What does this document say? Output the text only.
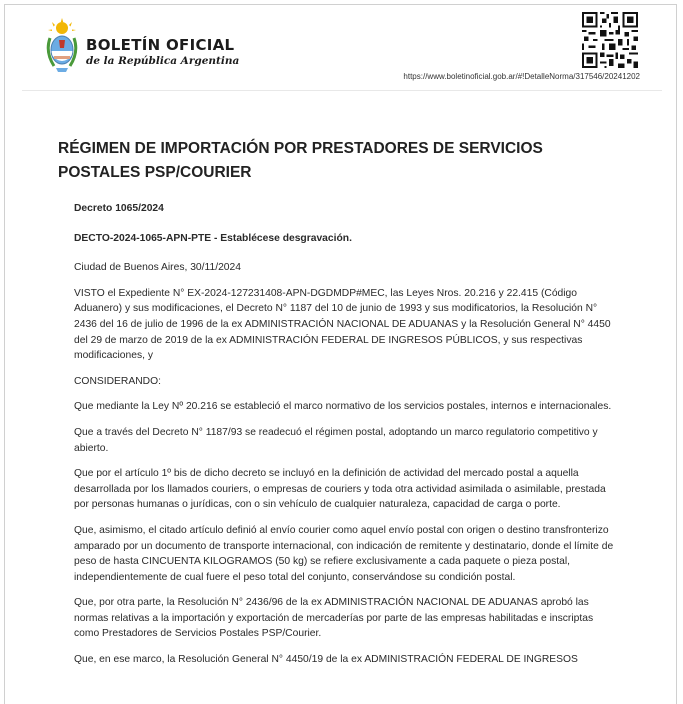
BOLETÍN OFICIAL
de la República Argentina
https://www.boletinoficial.gob.ar/#!DetalleNorma/317546/20241202
RÉGIMEN DE IMPORTACIÓN POR PRESTADORES DE SERVICIOS POSTALES PSP/COURIER

Decreto 1065/2024

DECTO-2024-1065-APN-PTE - Establécese desgravación.

Ciudad de Buenos Aires, 30/11/2024

VISTO el Expediente N° EX-2024-127231408-APN-DGDMDP#MEC, las Leyes Nros. 20.216 y 22.415 (Código Aduanero) y sus modificaciones, el Decreto N° 1187 del 10 de junio de 1993 y sus modificatorios, la Resolución N° 2436 del 16 de julio de 1996 de la ex ADMINISTRACIÓN NACIONAL DE ADUANAS y la Resolución General N° 4450 del 29 de marzo de 2019 de la ex ADMINISTRACIÓN FEDERAL DE INGRESOS PÚBLICOS, y sus respectivas modificaciones, y

CONSIDERANDO:

Que mediante la Ley Nº 20.216 se estableció el marco normativo de los servicios postales, internos e internacionales.

Que a través del Decreto N° 1187/93 se readecuó el régimen postal, adoptando un marco regulatorio competitivo y abierto.

Que por el artículo 1º bis de dicho decreto se incluyó en la definición de actividad del mercado postal a aquella desarrollada por los llamados couriers, o empresas de couriers y toda otra actividad asimilada o asimilable, prestada por personas humanas o jurídicas, con o sin vehículo de cualquier naturaleza, capacidad de carga o porte.

Que, asimismo, el citado artículo definió al envío courier como aquel envío postal con origen o destino transfronterizo amparado por un documento de transporte internacional, con indicación de remitente y destinatario, donde el límite de peso de hasta CINCUENTA KILOGRAMOS (50 kg) se refiere exclusivamente a cada paquete o pieza postal, independientemente de cual fuere el peso total del conjunto, conservándose su condición postal.

Que, por otra parte, la Resolución N° 2436/96 de la ex ADMINISTRACIÓN NACIONAL DE ADUANAS aprobó las normas relativas a la importación y exportación de mercaderías por parte de las empresas habilitadas e inscriptas como Prestadores de Servicios Postales PSP/Courier.

Que, en ese marco, la Resolución General N° 4450/19 de la ex ADMINISTRACIÓN FEDERAL DE INGRESOS
